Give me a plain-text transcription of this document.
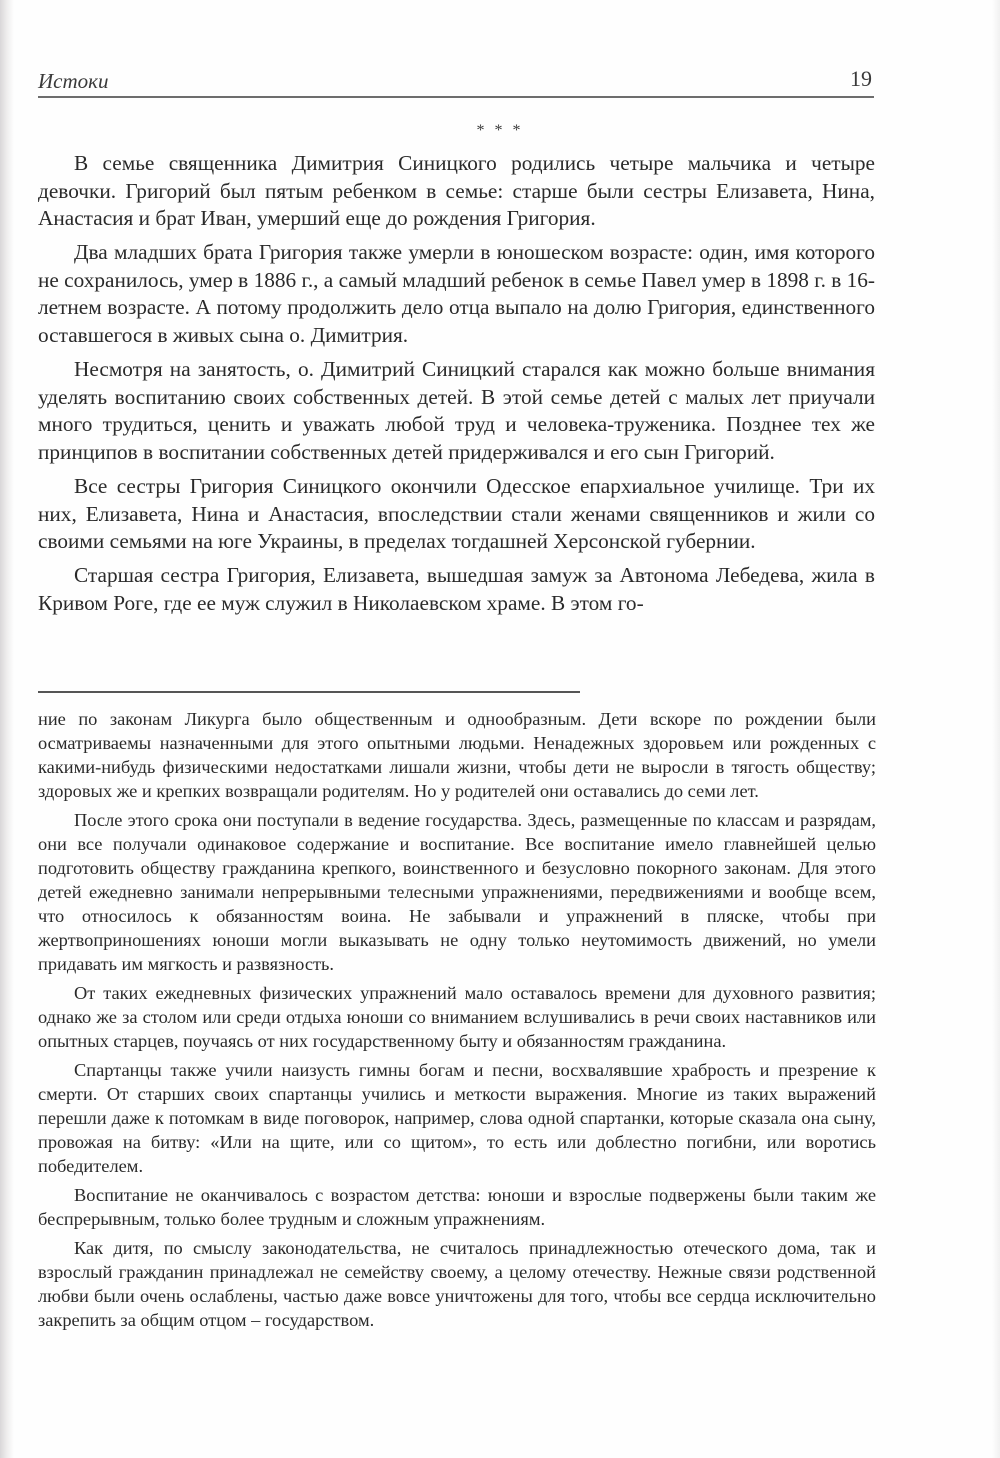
Истоки	19
* * *

В семье священника Димитрия Синицкого родились четыре мальчика и четыре девочки. Григорий был пятым ребенком в семье: старше были сестры Елизавета, Нина, Анастасия и брат Иван, умерший еще до рождения Григория.

Два младших брата Григория также умерли в юношеском возрасте: один, имя которого не сохранилось, умер в 1886 г., а самый младший ребенок в семье Павел умер в 1898 г. в 16-летнем возрасте. А потому продолжить дело отца выпало на долю Григория, единственного оставшегося в живых сына о. Димитрия.

Несмотря на занятость, о. Димитрий Синицкий старался как можно больше внимания уделять воспитанию своих собственных детей. В этой семье детей с малых лет приучали много трудиться, ценить и уважать любой труд и человека-труженика. Позднее тех же принципов в воспитании собственных детей придерживался и его сын Григорий.

Все сестры Григория Синицкого окончили Одесское епархиальное училище. Три их них, Елизавета, Нина и Анастасия, впоследствии стали женами священников и жили со своими семьями на юге Украины, в пределах тогдашней Херсонской губернии.

Старшая сестра Григория, Елизавета, вышедшая замуж за Автонома Лебедева, жила в Кривом Роге, где ее муж служил в Николаевском храме. В этом го-

ние по законам Ликурга было общественным и однообразным. Дети вскоре по рождении были осматриваемы назначенными для этого опытными людьми. Ненадежных здоровьем или рожденных с какими-нибудь физическими недостатками лишали жизни, чтобы дети не выросли в тягость обществу; здоровых же и крепких возвращали родителям. Но у родителей они оставались до семи лет.

После этого срока они поступали в ведение государства. Здесь, размещенные по классам и разрядам, они все получали одинаковое содержание и воспитание. Все воспитание имело главнейшей целью подготовить обществу гражданина крепкого, воинственного и безусловно покорного законам. Для этого детей ежедневно занимали непрерывными телесными упражнениями, передвижениями и вообще всем, что относилось к обязанностям воина. Не забывали и упражнений в пляске, чтобы при жертвоприношениях юноши могли выказывать не одну только неутомимость движений, но умели придавать им мягкость и развязность.

От таких ежедневных физических упражнений мало оставалось времени для духовного развития; однако же за столом или среди отдыха юноши со вниманием вслушивались в речи своих наставников или опытных старцев, поучаясь от них государственному быту и обязанностям гражданина.

Спартанцы также учили наизусть гимны богам и песни, восхвалявшие храбрость и презрение к смерти. От старших своих спартанцы учились и меткости выражения. Многие из таких выражений перешли даже к потомкам в виде поговорок, например, слова одной спартанки, которые сказала она сыну, провожая на битву: «Или на щите, или со щитом», то есть или доблестно погибни, или воротись победителем.

Воспитание не оканчивалось с возрастом детства: юноши и взрослые подвержены были таким же беспрерывным, только более трудным и сложным упражнениям.

Как дитя, по смыслу законодательства, не считалось принадлежностью отеческого дома, так и взрослый гражданин принадлежал не семейству своему, а целому отечеству. Нежные связи родственной любви были очень ослаблены, частью даже вовсе уничтожены для того, чтобы все сердца исключительно закрепить за общим отцом – государством.
